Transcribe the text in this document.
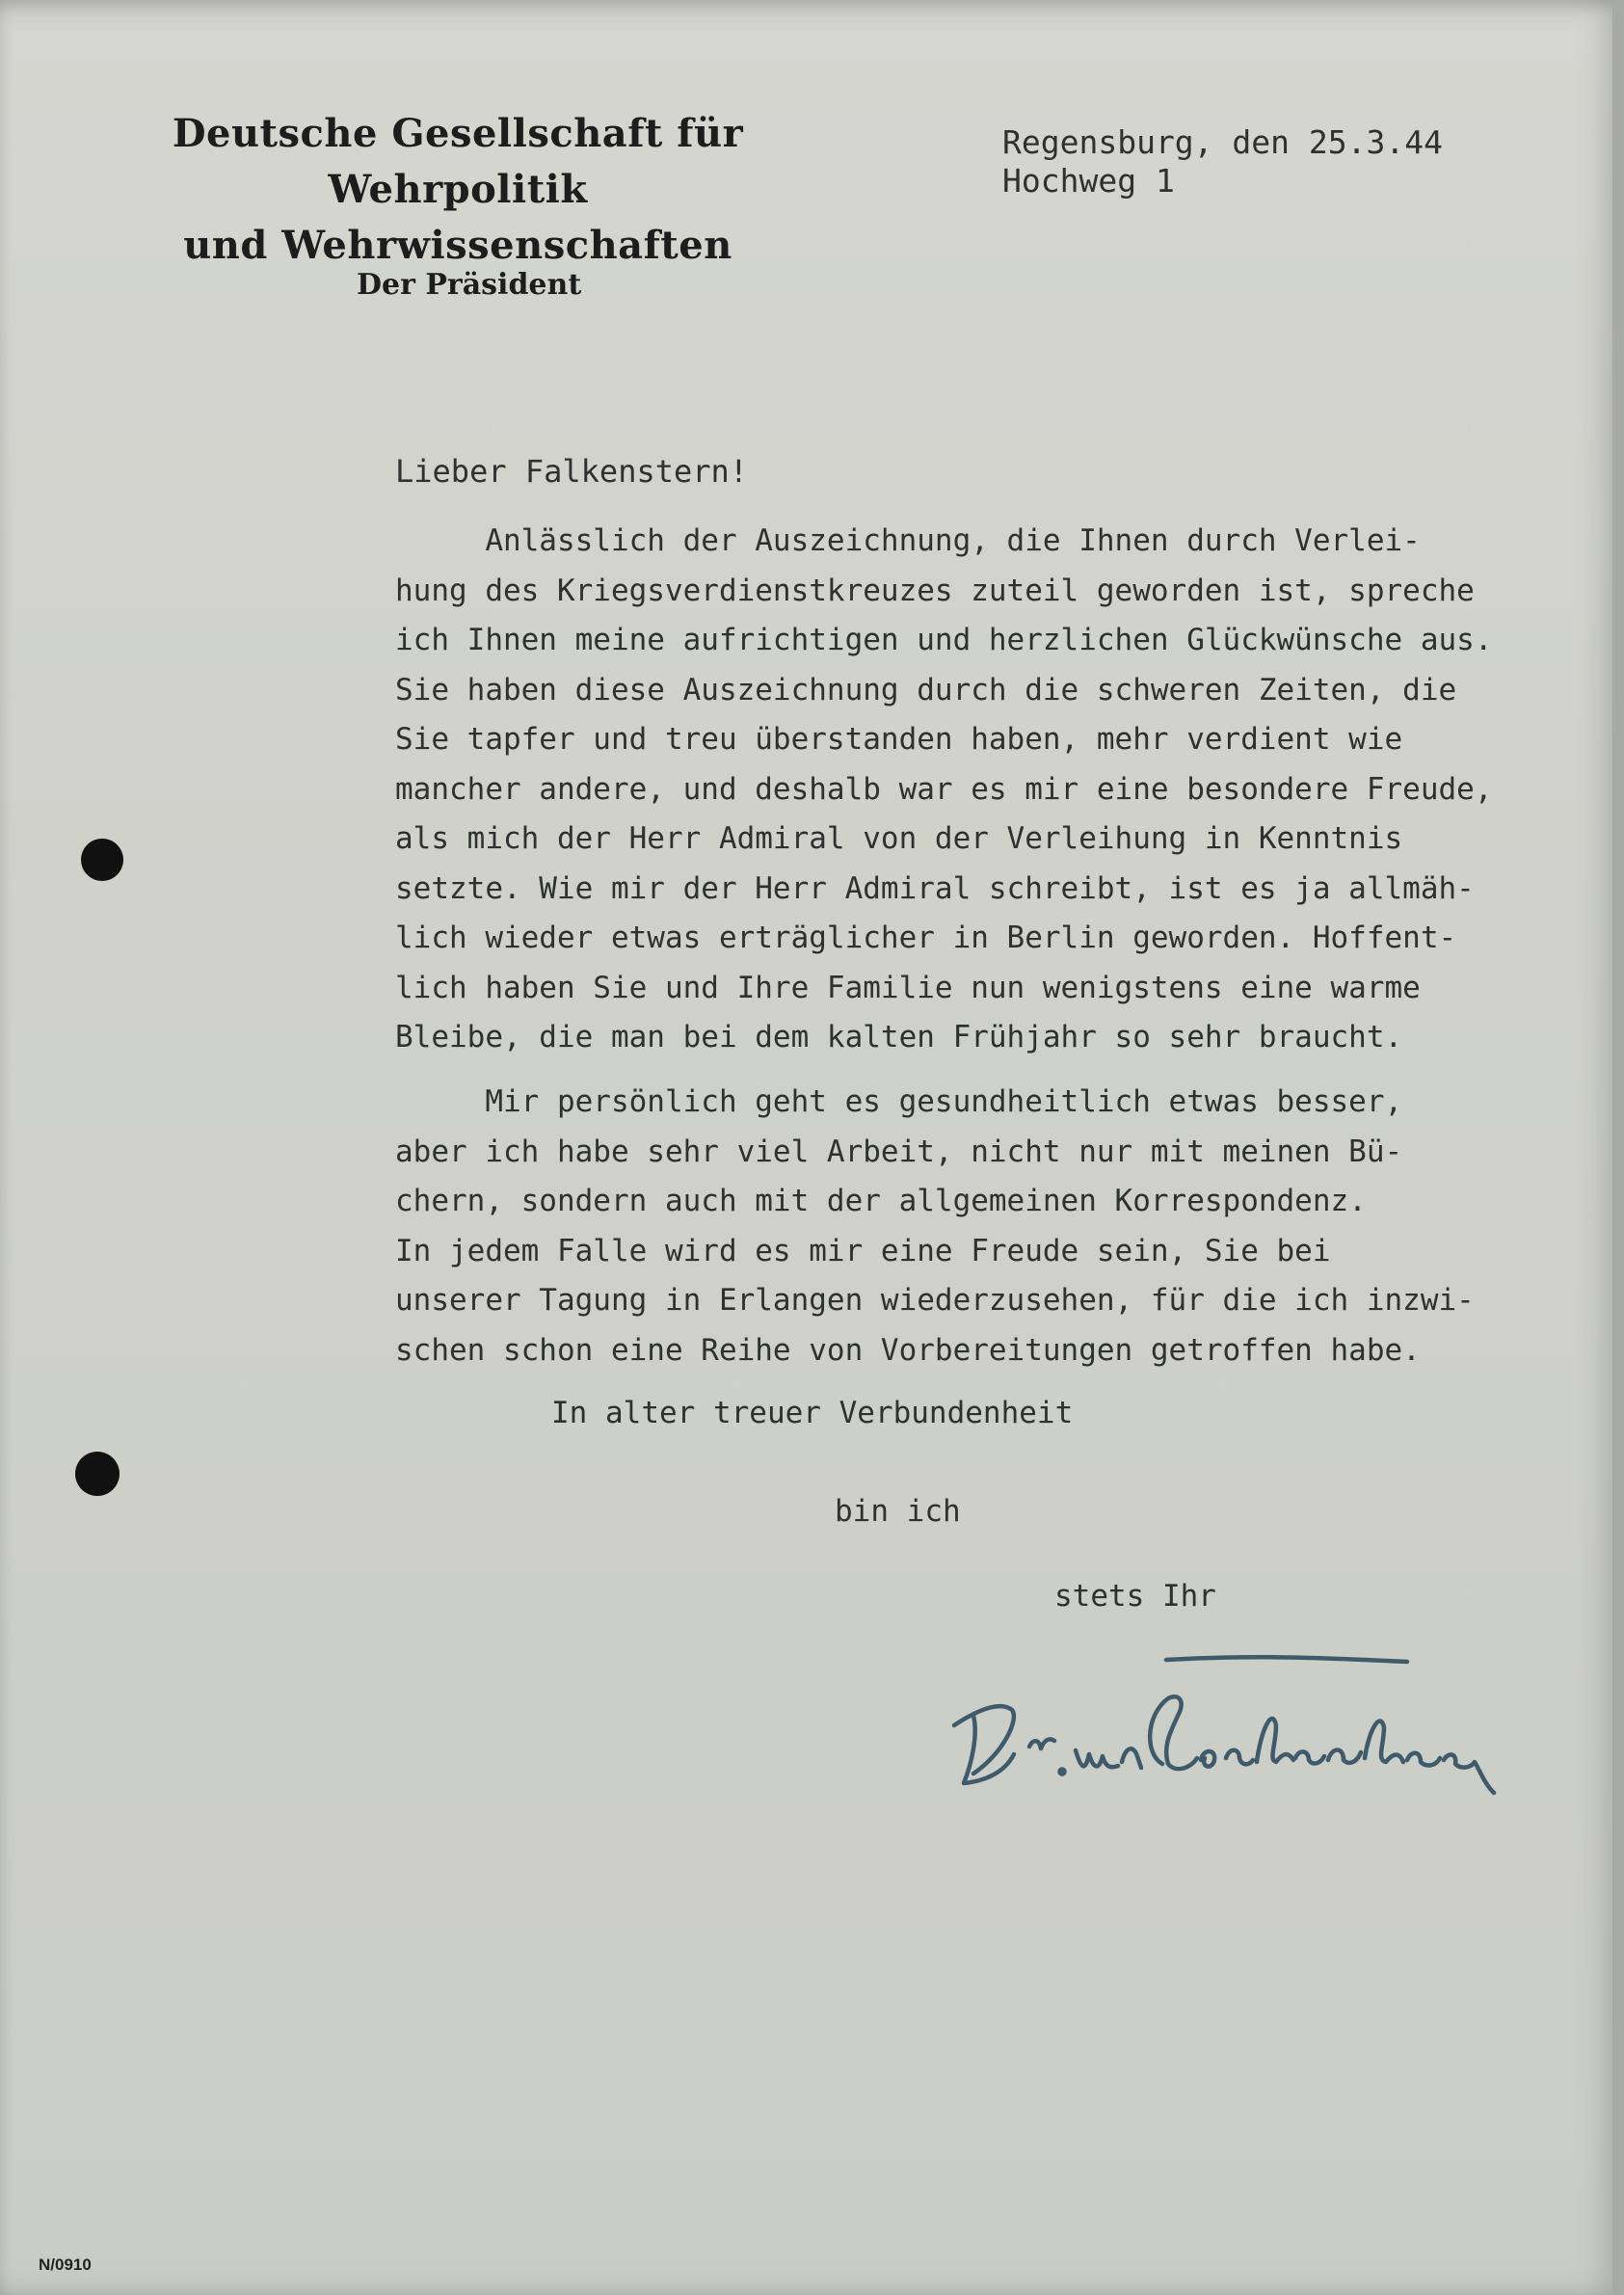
Deutsche Gesellschaft für Wehrpolitik
und Wehrwissenschaften
Der Präsident
Regensburg, den 25.3.44
Hochweg 1
Lieber Falkenstern!
Anlässlich der Auszeichnung, die Ihnen durch Verlei-
hung des Kriegsverdienstkreuzes zuteil geworden ist, spreche
ich Ihnen meine aufrichtigen und herzlichen Glückwünsche aus.
Sie haben diese Auszeichnung durch die schweren Zeiten, die
Sie tapfer und treu überstanden haben, mehr verdient wie
mancher andere, und deshalb war es mir eine besondere Freude,
als mich der Herr Admiral von der Verleihung in Kenntnis
setzte. Wie mir der Herr Admiral schreibt, ist es ja allmäh-
lich wieder etwas erträglicher in Berlin geworden. Hoffent-
lich haben Sie und Ihre Familie nun wenigstens eine warme
Bleibe, die man bei dem kalten Frühjahr so sehr braucht.
Mir persönlich geht es gesundheitlich etwas besser,
aber ich habe sehr viel Arbeit, nicht nur mit meinen Bü-
chern, sondern auch mit der allgemeinen Korrespondenz.
In jedem Falle wird es mir eine Freude sein, Sie bei
unserer Tagung in Erlangen wiederzusehen, für die ich inzwi-
schen schon eine Reihe von Vorbereitungen getroffen habe.
In alter treuer Verbundenheit
bin ich
stets Ihr
N/0910
